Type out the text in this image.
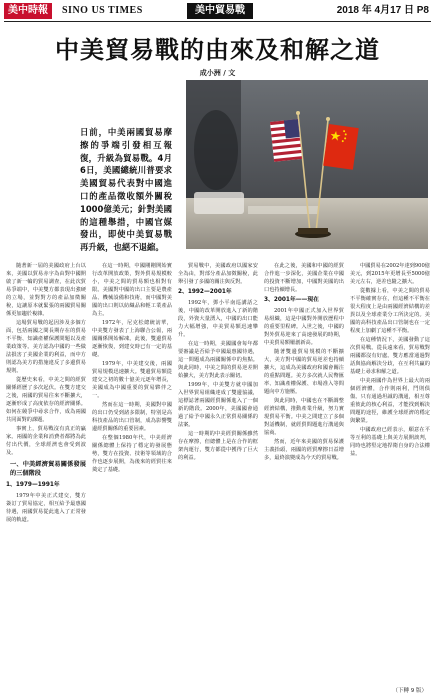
美中時報	SINO US TIMES	美中貿易戰	2018 年 4月17 日 P8
中美貿易戰的由來及和解之道
成小洲 / 文
日前，中美兩國貿易摩擦的爭端引發相互報復，升級為貿易戰。4月6日，美國總統川普要求美國貿易代表對中國進口的產品徵收額外關稅1000億美元；針對美國的這種舉措，中國官媒發出，即使中美貿易戰再升級，也絕不退縮。

隨著新一屆的美國政府上台以來，美國以貿易赤字為由對中國開啟了新一輪的貿易調查，在此次貿易爭端中，中美雙方都表現出強硬的立場，並對對方的產品加徵關稅，這讓原本就緊張的兩國貿易關係更加趨於複雜。

這場貿易戰的起因涉及多個方面，包括兩國之間長期存在的貿易不平衡、知識產權保護問題以及產業政策等。美方認為中國的一些做法損害了美國企業的利益，而中方則認為美方的措施違反了多邊貿易規則。

從歷史來看，中美之間的經貿關係經歷了多次起伏。在雙方建交之後，兩國的貿易往來不斷擴大，逐漸形成了高度依存的經濟關係。如何在競爭中尋求合作，成為兩國共同面對的課題。

事實上，貿易戰沒有真正的贏家。兩國的企業和消費者都將為此付出代價，全球經濟也會受到波及。

一、中美經濟貿易關係發展的三個階段
1、1979—1991年

1979年中美正式建交，雙方簽訂了貿易協定，相互給予最惠國待遇，兩國貿易從此進入了正常發展的軌道。

在這一時期，中國剛剛開始實行改革開放政策，對外貿易規模較小，中美之間的貿易額也相對有限。美國對中國的出口主要是農產品、機械設備和技術，而中國對美國的出口則以紡織品和輕工業產品為主。

1972年，尼克松總統訪華，中美雙方發表了上海聯合公報，兩國關係開始解凍。此後，雙邊貿易逐漸恢復，到建交時已有一定的基礎。

1979年，中美建交後，兩國貿易規模迅速擴大。雙邊貿易額從建交之初的數十億美元逐年增長，美國成為中國重要的貿易夥伴之一。

然而在這一時期，美國對中國的出口仍受到諸多限制，特別是高科技產品的出口管制，成為影響雙邊經貿關係的重要因素。

在整個1980年代，中美經濟關係總體上保持了穩定的發展態勢，雙方在投資、技術等領域的合作也逐步展開，為後來的經貿往來奠定了基礎。

貿易戰中，美國政府以國家安全為由，對部分產品加徵關稅，此舉引發了多國的關注與反對。

2、1992—2001年

1992年，鄧小平南巡講話之後，中國的改革開放進入了新的階段，外資大量湧入，中國的出口能力大幅增強，中美貿易額迅速攀升。

在這一時期，美國國會每年都要審議是否給予中國最惠國待遇，這一問題成為兩國關係中的焦點。與此同時，中美之間的貿易逆差開始擴大，美方對此表示關切。

1999年，中美雙方就中國加入世界貿易組織達成了雙邊協議，這標誌著兩國經貿關係進入了一個新的階段。2000年，美國國會通過了給予中國永久正常貿易關係的法案。

這一時期的中美經貿關係雖然存在摩擦，但總體上是在合作的框架內運行，雙方都從中獲得了巨大的利益。

在此之後，美國和中國的經貿合作進一步深化，美國企業在中國的投資不斷增加，中國對美國的出口也持續增長。

3、2001年——現在

2001年中國正式加入世界貿易組織，這是中國對外開放歷程中的重要里程碑。入世之後，中國的對外貿易迎來了高速發展的時期，中美貿易額屢創新高。

隨著雙邊貿易規模的不斷擴大，美方對中國的貿易逆差也持續擴大，這成為美國政府和國會關注的重點問題。美方多次就人民幣匯率、知識產權保護、市場准入等問題向中方施壓。

與此同時，中國也在不斷調整經濟結構，推動產業升級，努力實現貿易平衡。中美之間建立了多個對話機制，就經貿問題進行溝通與協商。

然而，近年來美國的貿易保護主義抬頭，兩國的經貿摩擦日益增多，最終演變成為今天的貿易戰。

中國貿易在2002年達到900億美元，到2015年更增長至5000億美元左右，逆差也隨之擴大。

從數據上看，中美之間的貿易不平衡確實存在，但這種不平衡在很大程度上是由兩國經濟結構的差異以及全球產業分工所決定的。美國的高科技產品出口管制也在一定程度上加劇了這種不平衡。

在這種情況下，美國發動了這次貿易戰。從長遠來看，貿易戰對兩國都沒有好處。雙方應當通過對話與協商解決分歧，在互利共贏的基礎上尋求和解之道。

中美兩國作為世界上最大的兩個經濟體，合作則兩利，鬥則俱傷。只有通過坦誠的溝通，相互尊重彼此的核心利益，才能找到解決問題的途徑，維護全球經濟的穩定與繁榮。

中國政府已經表示，願意在平等互利的基礎上與美方展開談判，同時也將堅定地捍衛自身的合法權益。

（下轉 9 版）
